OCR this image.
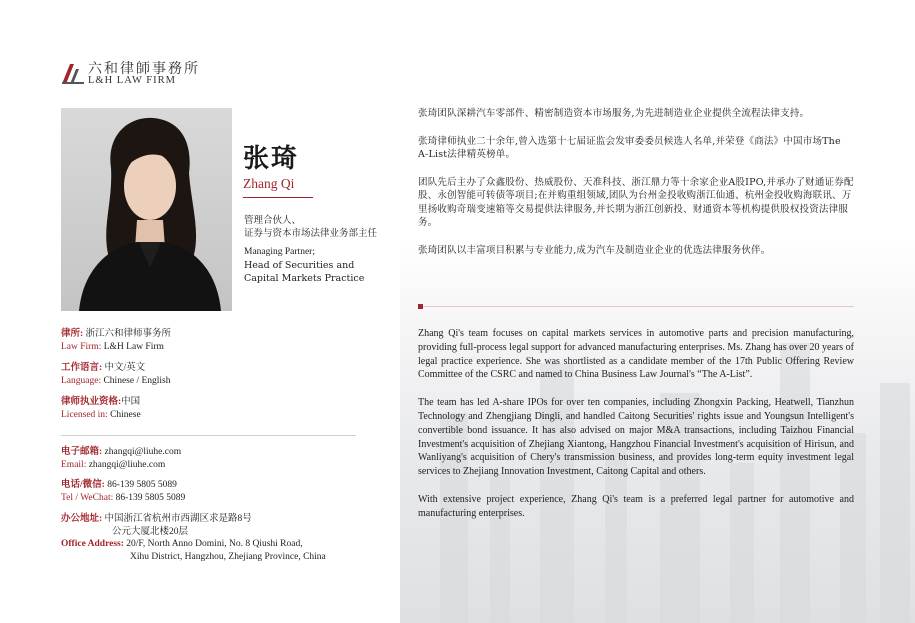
六和律師事務所
L&H LAW FIRM
张琦
Zhang Qi
管理合伙人、
证券与资本市场法律业务部主任
Managing Partner;
Head of Securities and
Capital Markets Practice
律所: 浙江六和律师事务所
Law Firm: L&H Law Firm
工作语言: 中文/英文
Language: Chinese / English
律师执业资格:中国
Licensed in: Chinese
电子邮箱: zhangqi@liuhe.com
Email: zhangqi@liuhe.com
电话/微信: 86-139 5805 5089
Tel / WeChat: 86-139 5805 5089
办公地址: 中国浙江省杭州市西湖区求是路8号
公元大厦北楼20层
Office Address: 20/F, North Anno Domini, No. 8 Qiushi Road,
Xihu District, Hangzhou, Zhejiang Province, China

张琦团队深耕汽车零部件、精密制造资本市场服务,为先进制造业企业提供全流程法律支持。

张琦律师执业二十余年,曾入选第十七届证监会发审委委员候选人名单,并荣登《商法》中国市场The A-List法律精英榜单。

团队先后主办了众鑫股份、热威股份、天准科技、浙江鼎力等十余家企业A股IPO,并承办了财通证券配股、永创智能可转债等项目;在并购重组领域,团队为台州金投收购浙江仙通、杭州金投收购海联讯、万里扬收购奇瑞变速箱等交易提供法律服务,并长期为浙江创新投、财通资本等机构提供股权投资法律服务。

张琦团队以丰富项目积累与专业能力,成为汽车及制造业企业的优选法律服务伙伴。

Zhang Qi's team focuses on capital markets services in automotive parts and precision manufacturing, providing full-process legal support for advanced manufacturing enterprises. Ms. Zhang has over 20 years of legal practice experience. She was shortlisted as a candidate member of the 17th Public Offering Review Committee of the CSRC and named to China Business Law Journal's “The A-List”.

The team has led A-share IPOs for over ten companies, including Zhongxin Packing, Heatwell, Tianzhun Technology and Zhengjiang Dingli, and handled Caitong Securities' rights issue and Youngsun Intelligent's convertible bond issuance. It has also advised on major M&A transactions, including Taizhou Financial Investment's acquisition of Zhejiang Xiantong, Hangzhou Financial Investment's acquisition of Hirisun, and Wanliyang's acquisition of Chery's transmission business, and provides long-term equity investment legal services to Zhejiang Innovation Investment, Caitong Capital and others.

With extensive project experience, Zhang Qi's team is a preferred legal partner for automotive and manufacturing enterprises.
